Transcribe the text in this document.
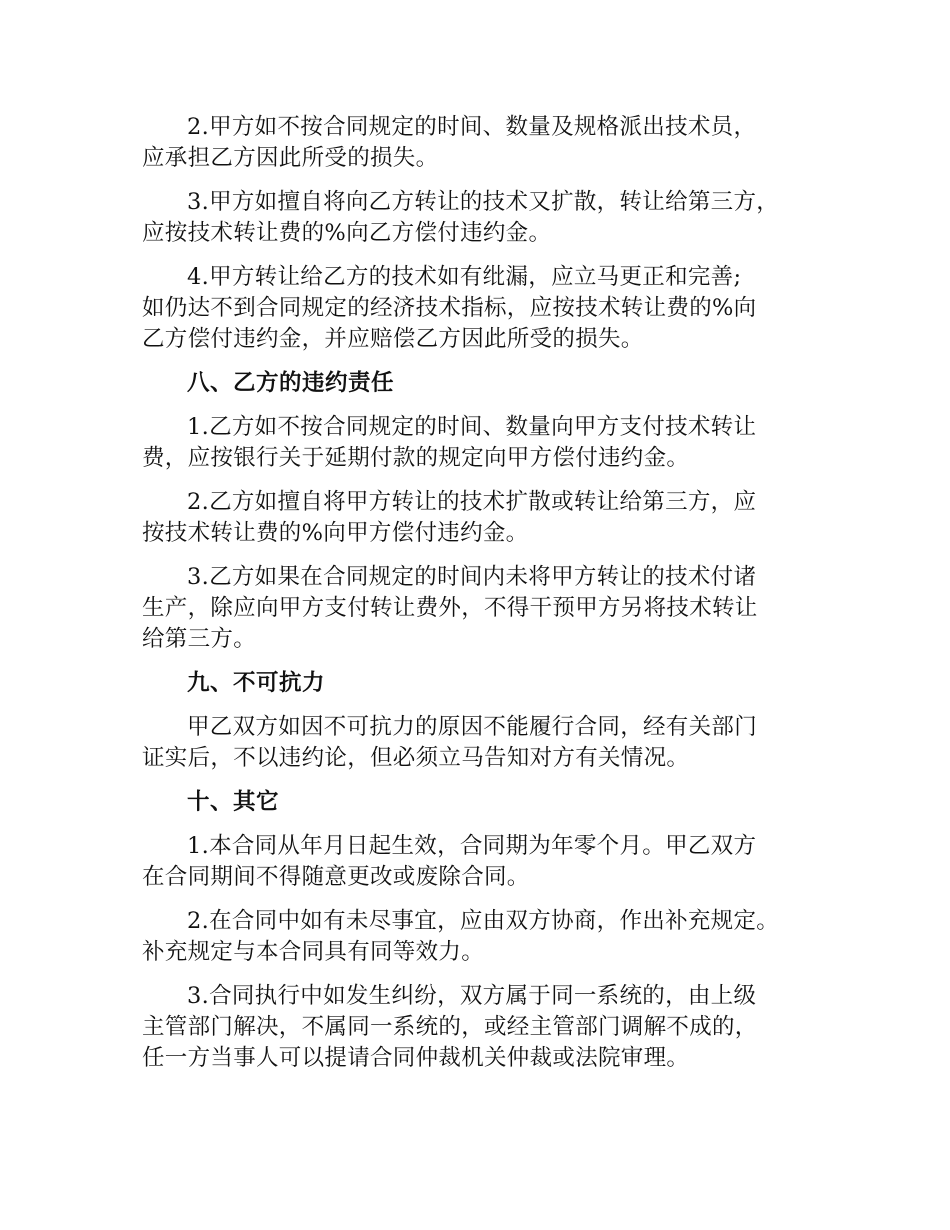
2.甲方如不按合同规定的时间、数量及规格派出技术员，
应承担乙方因此所受的损失。

3.甲方如擅自将向乙方转让的技术又扩散，转让给第三方，
应按技术转让费的%向乙方偿付违约金。

4.甲方转让给乙方的技术如有纰漏，应立马更正和完善;
如仍达不到合同规定的经济技术指标，应按技术转让费的%向
乙方偿付违约金，并应赔偿乙方因此所受的损失。

八、乙方的违约责任

1.乙方如不按合同规定的时间、数量向甲方支付技术转让
费，应按银行关于延期付款的规定向甲方偿付违约金。

2.乙方如擅自将甲方转让的技术扩散或转让给第三方，应
按技术转让费的%向甲方偿付违约金。

3.乙方如果在合同规定的时间内未将甲方转让的技术付诸
生产，除应向甲方支付转让费外，不得干预甲方另将技术转让
给第三方。

九、不可抗力

甲乙双方如因不可抗力的原因不能履行合同，经有关部门
证实后，不以违约论，但必须立马告知对方有关情况。

十、其它

1.本合同从年月日起生效，合同期为年零个月。甲乙双方
在合同期间不得随意更改或废除合同。

2.在合同中如有未尽事宜，应由双方协商，作出补充规定。
补充规定与本合同具有同等效力。

3.合同执行中如发生纠纷，双方属于同一系统的，由上级
主管部门解决，不属同一系统的，或经主管部门调解不成的，
任一方当事人可以提请合同仲裁机关仲裁或法院审理。
